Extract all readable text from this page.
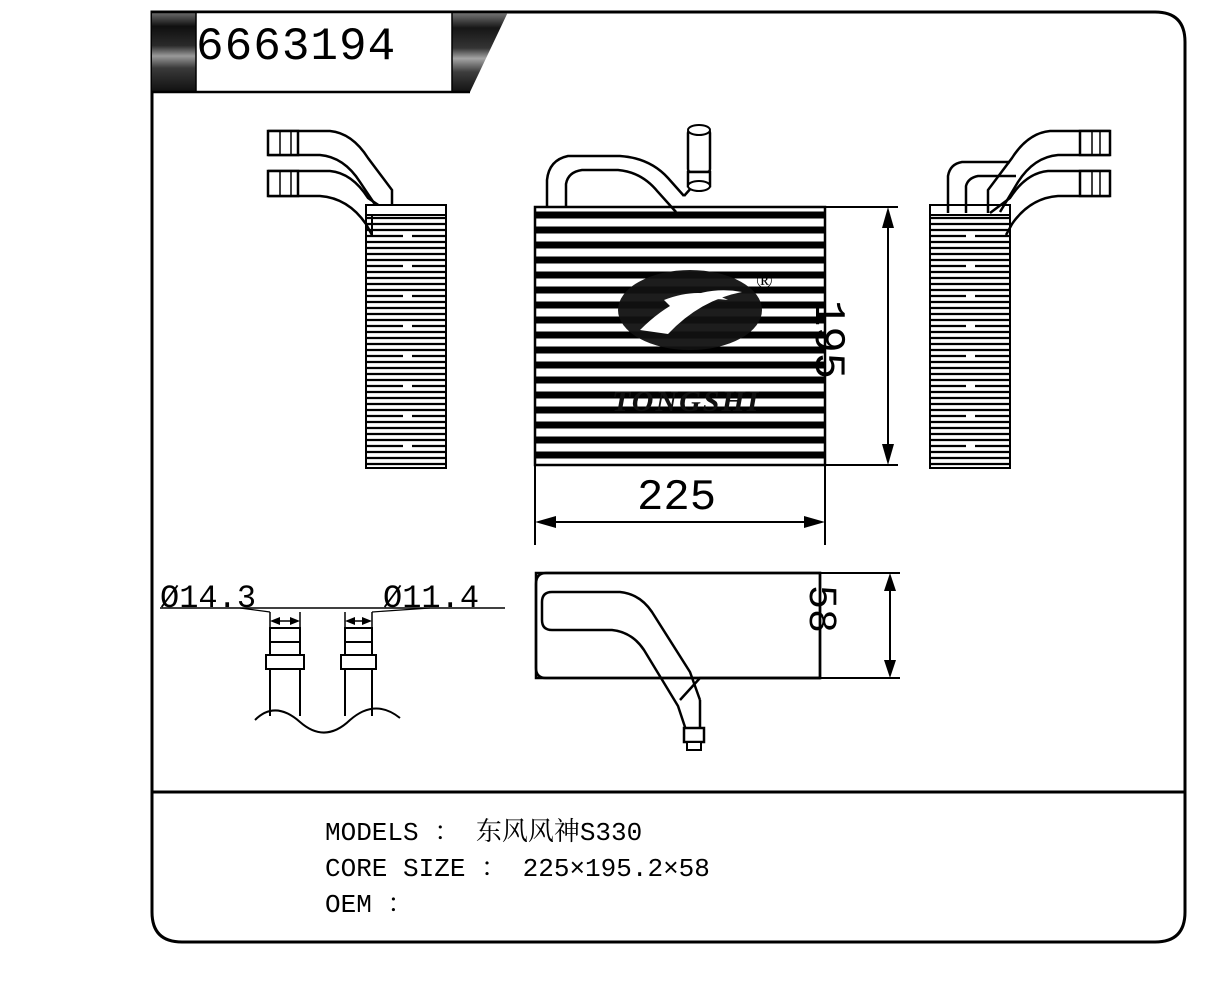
6663194
225
195
58
Ø14.3	Ø11.4
TONGSHI
®
MODELS ： 东风风神S330
CORE SIZE ： 225×195.2×58
OEM ：
